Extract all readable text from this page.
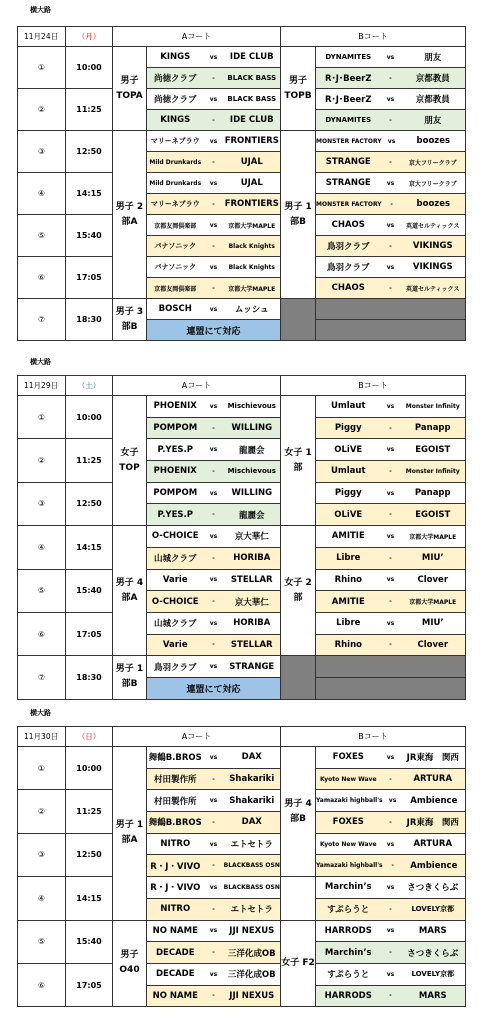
横大路
11月24日	（月）	Aコート		Bコート	
①	10:00	男子 TOPA	KINGS vs IDE CLUB	男子 TOPB	DYNAMITES vs 朋友

			尚徳クラブ - BLACK BASS		R･J･BeerZ - 京都教員

②	11:25		尚徳クラブ vs BLACK BASS		R･J･BeerZ vs 京都教員

			KINGS - IDE CLUB		DYNAMITES - 朋友

③	12:50	男子 2部A	マリーネブラウ vs FRONTIERS	男子 1部B	MONSTER FACTORY vs boozes

			Mild Drunkards - UJAL		STRANGE - 京大フリークラブ

④	14:15		Mild Drunkards vs UJAL		STRANGE vs 京大フリークラブ

			マリーネブラウ - FRONTIERS		MONSTER FACTORY - boozes

⑤	15:40		京都友岡倶楽部 vs 京都大学MAPLE		CHAOS vs 英道セルティックス

			パナソニック - Black Knights		鳥羽クラブ - VIKINGS

⑥	17:05		パナソニック vs Black Knights		鳥羽クラブ vs VIKINGS

			京都友岡倶楽部 - 京都大学MAPLE		CHAOS - 英道セルティックス

⑦	18:30	男子 3部B	BOSCH vs ムッシュ		

			連盟にて対応		
横大路
11月29日	（土）	Aコート		Bコート	
①	10:00	女子 TOP	PHOENIX vs Mischievous	女子 1部	Umlaut vs Monster Infinity

			POMPOM - WILLING		Piggy - Panapp

②	11:25		P.YES.P vs 龍麗会		OLiVE vs EGOIST

			PHOENIX - Mischievous		Umlaut - Monster Infinity

③	12:50		POMPOM vs WILLING		Piggy vs Panapp

			P.YES.P - 龍麗会		OLiVE - EGOIST

④	14:15	男子 4部A	O-CHOICE vs 京大華仁	女子 2部	AMITIE vs 京都大学MAPLE

			山城クラブ - HORIBA		Libre - MIU’

⑤	15:40		Varie vs STELLAR		Rhino vs Clover

			O-CHOICE - 京大華仁		AMITIE - 京都大学MAPLE

⑥	17:05		山城クラブ vs HORIBA		Libre vs MIU’

			Varie - STELLAR		Rhino - Clover

⑦	18:30	男子 1部B	鳥羽クラブ vs STRANGE		

			連盟にて対応		
横大路
11月30日	（日）	Aコート		Bコート	
①	10:00	男子 1部A	舞鶴B.BROS vs DAX	男子 4部B	FOXES vs JR東海　関西

			村田製作所 - Shakariki		Kyoto New Wave - ARTURA

②	11:25		村田製作所 vs Shakariki		Yamazaki highball's vs Ambience

			舞鶴B.BROS - DAX		FOXES - JR東海　関西

③	12:50		NITRO vs エトセトラ		Kyoto New Wave vs ARTURA

			R・J・VIVO - BLACKBASS OSN		Yamazaki highball's - Ambience

④	14:15		R・J・VIVO vs BLACKBASS OSN		Marchin’s vs さつきくらぶ

			NITRO - エトセトラ		すぷらうと - LOVELY京都

⑤	15:40	男子 O40	NO NAME vs JJI NEXUS	女子 F2	HARRODS vs MARS

			DECADE - 三洋化成OB		Marchin’s - さつきくらぶ

⑥	17:05		DECADE vs 三洋化成OB		すぷらうと vs LOVELY京都

			NO NAME - JJI NEXUS		HARRODS - MARS
